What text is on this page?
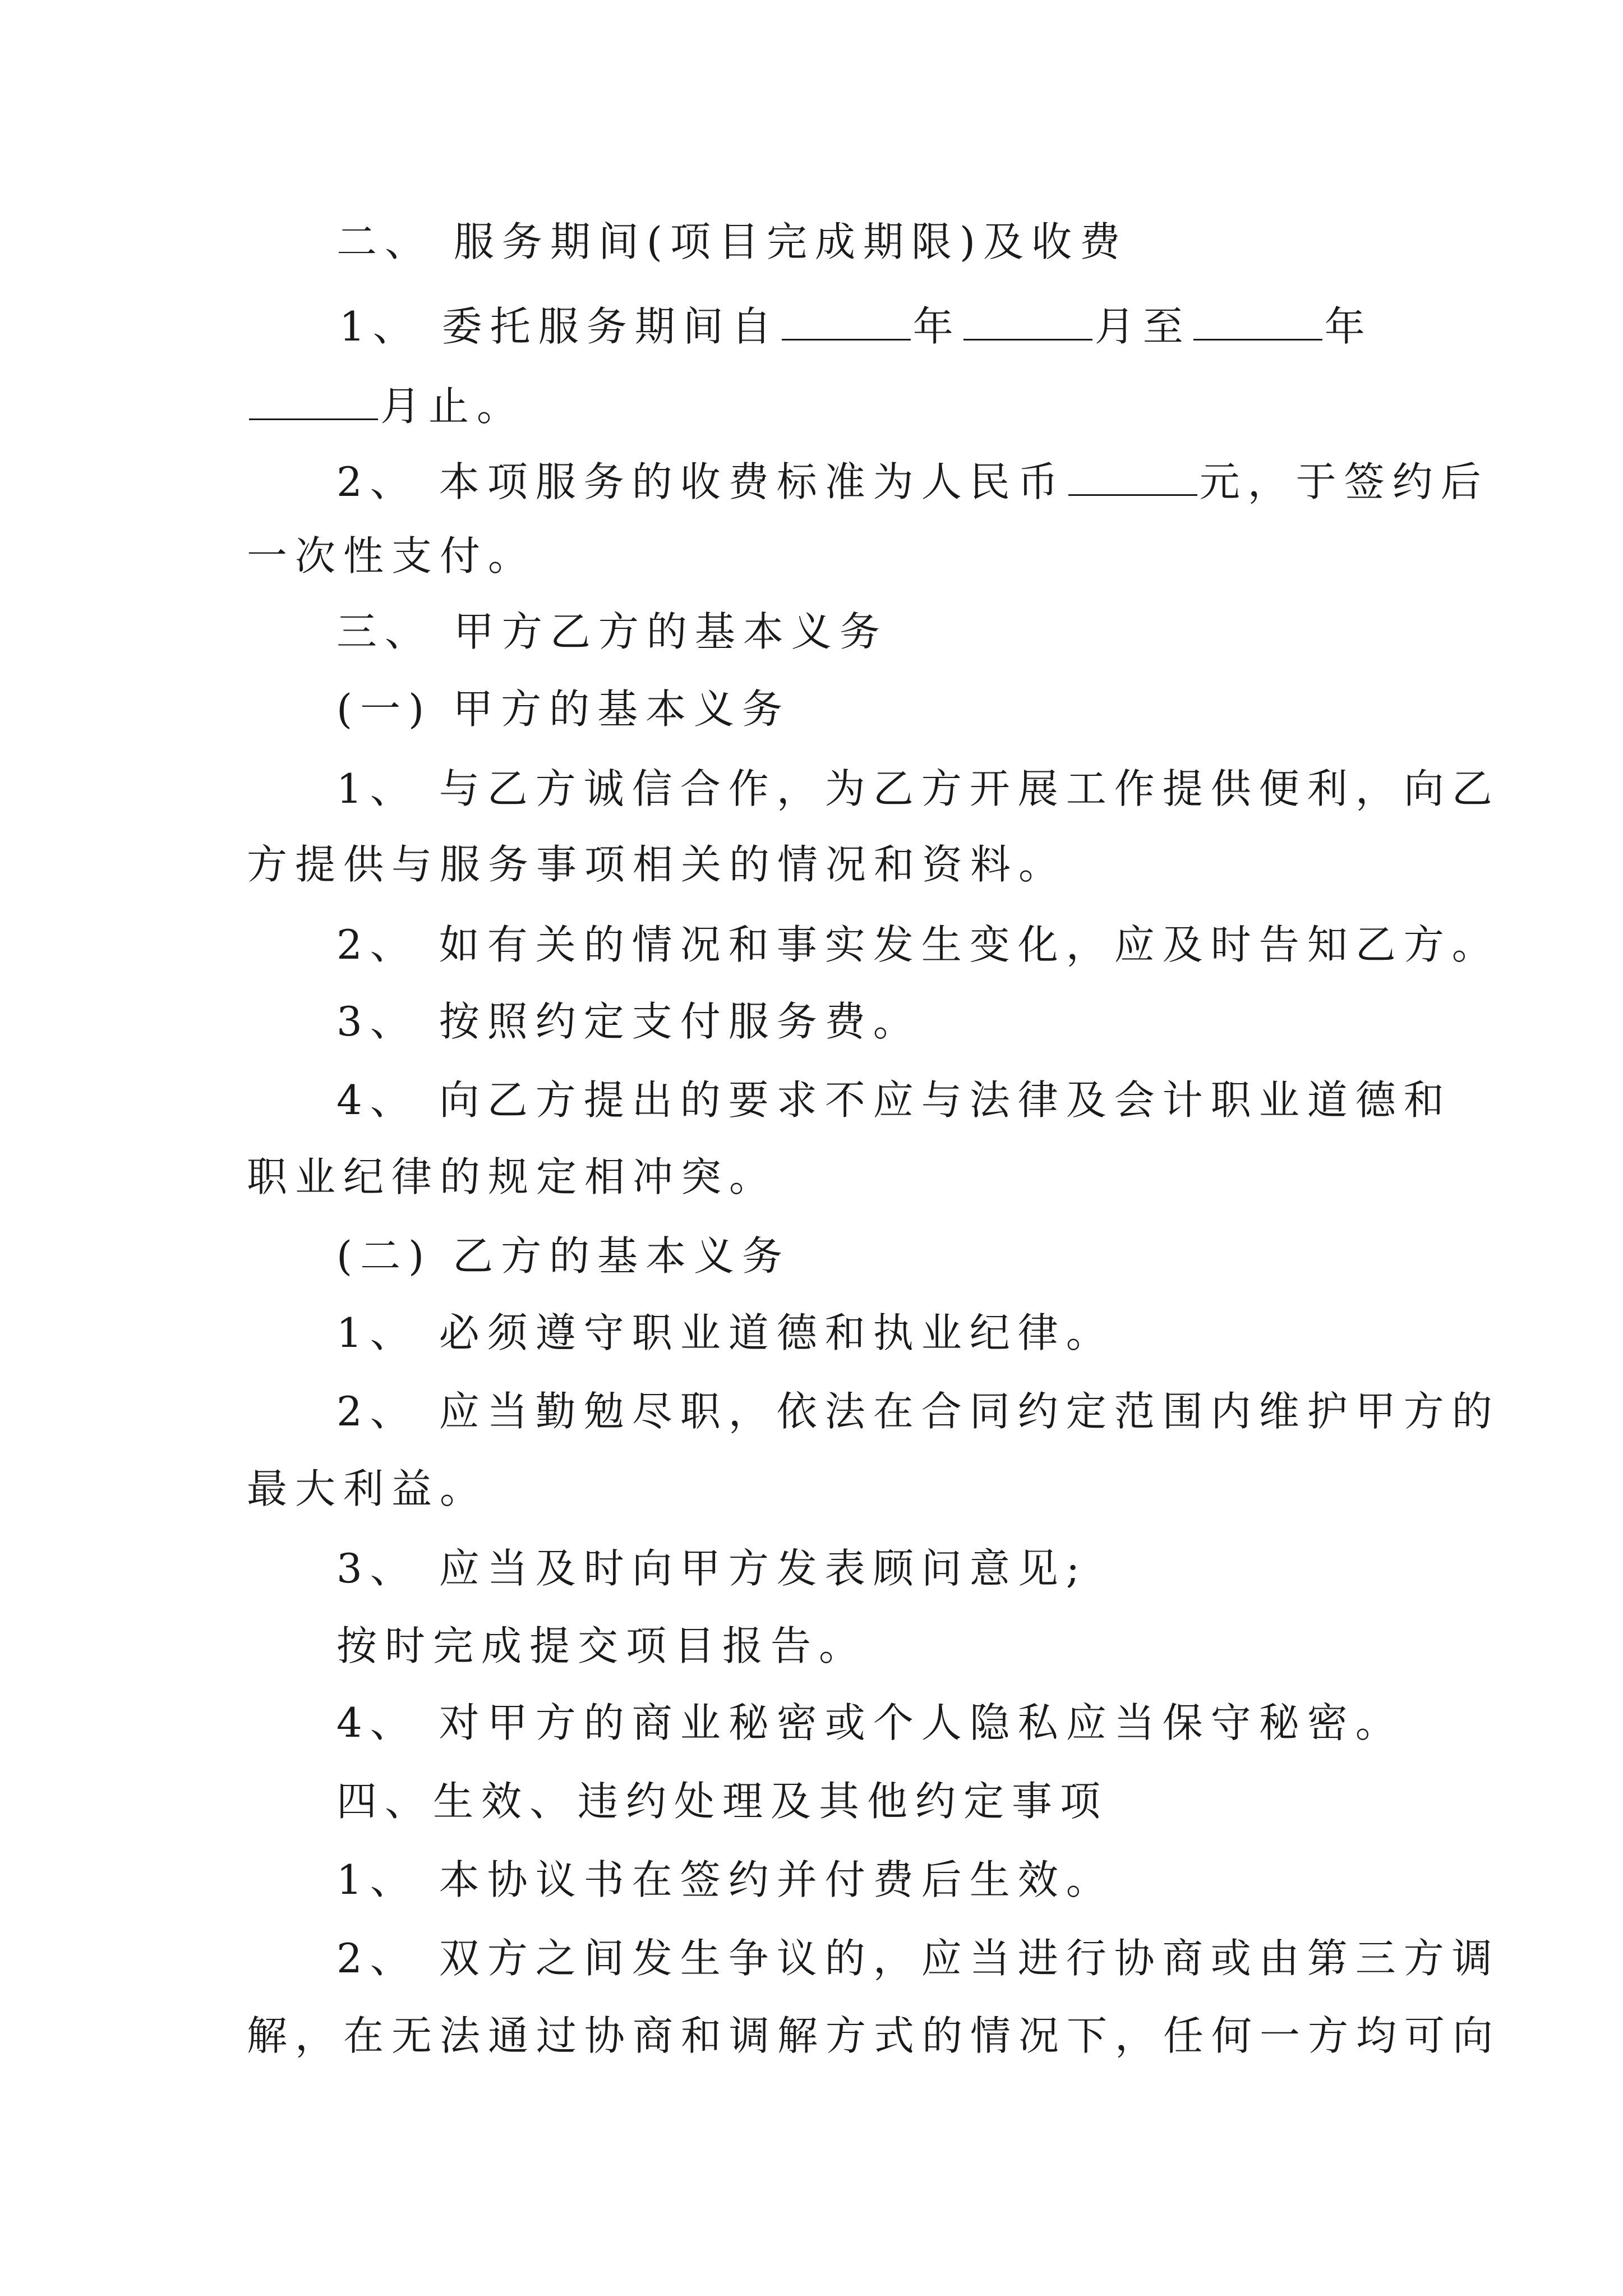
二、 服务期间(项目完成期限)及收费
1、 委托服务期间自	年	月至	年
月止。
2、 本项服务的收费标准为人民币	元，于签约后
一次性支付。
三、 甲方乙方的基本义务
(一) 甲方的基本义务
1、 与乙方诚信合作，为乙方开展工作提供便利，向乙
方提供与服务事项相关的情况和资料。
2、 如有关的情况和事实发生变化，应及时告知乙方。
3、 按照约定支付服务费。
4、 向乙方提出的要求不应与法律及会计职业道德和
职业纪律的规定相冲突。
(二) 乙方的基本义务
1、 必须遵守职业道德和执业纪律。
2、 应当勤勉尽职，依法在合同约定范围内维护甲方的
最大利益。
3、 应当及时向甲方发表顾问意见;
按时完成提交项目报告。
4、 对甲方的商业秘密或个人隐私应当保守秘密。
四、生效、违约处理及其他约定事项
1、 本协议书在签约并付费后生效。
2、 双方之间发生争议的，应当进行协商或由第三方调
解，在无法通过协商和调解方式的情况下，任何一方均可向
